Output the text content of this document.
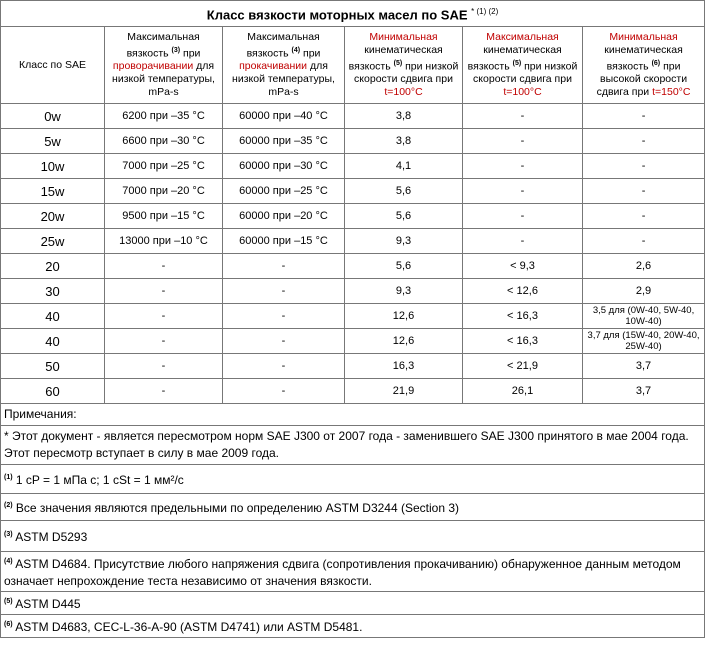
Класс вязкости моторных масел по SAE $^{* (1) (2)}$
Класс по SAE	Максимальная вязкость $^{(3)}$ при проворачивании для низкой температуры, mPa-s	Максимальная вязкость $^{(4)}$ при прокачивании для низкой температуры, mPa-s	Минимальная кинематическая вязкость $^{(5)}$ при низкой скорости сдвига при t=100°С	Максимальная кинематическая вязкость $^{(5)}$ при низкой скорости сдвига при t=100°С	Минимальная кинематическая вязкость $^{(6)}$ при высокой скорости сдвига при t=150°С
0w	6200 при –35 °С	60000 при –40 °С	3,8	-	-
5w	6600 при –30 °С	60000 при –35 °С	3,8	-	-
10w	7000 при –25 °С	60000 при –30 °С	4,1	-	-
15w	7000 при –20 °С	60000 при –25 °С	5,6	-	-
20w	9500 при –15 °С	60000 при –20 °С	5,6	-	-
25w	13000 при –10 °С	60000 при –15 °С	9,3	-	-
20	-	-	5,6	< 9,3	2,6
30	-	-	9,3	< 12,6	2,9
40	-	-	12,6	< 16,3	3,5 для (0W-40, 5W-40, 10W-40)
40	-	-	12,6	< 16,3	3,7 для (15W-40, 20W-40, 25W-40)
50	-	-	16,3	< 21,9	3,7
60	-	-	21,9	26,1	3,7
Примечания:					
* Этот документ - является пересмотром норм SAE J300 от 2007 года - заменившего SAE J300 принятого в мае 2004 года. Этот пересмотр вступает в силу в мае 2009 года.					
$^{(1)}$ 1 сP = 1 мПа с; 1 cSt = 1 мм²/с					
$^{(2)}$ Все значения являются предельными по определению ASTM D3244 (Section 3)					
$^{(3)}$ ASTM D5293					
$^{(4)}$ ASTM D4684. Присутствие любого напряжения сдвига (сопротивления прокачиванию) обнаруженное данным методом означает непрохождение теста независимо от значения вязкости.					
$^{(5)}$ ASTM D445					
$^{(6)}$ ASTM D4683, CEC-L-36-A-90 (ASTM D4741) или ASTM D5481.					
